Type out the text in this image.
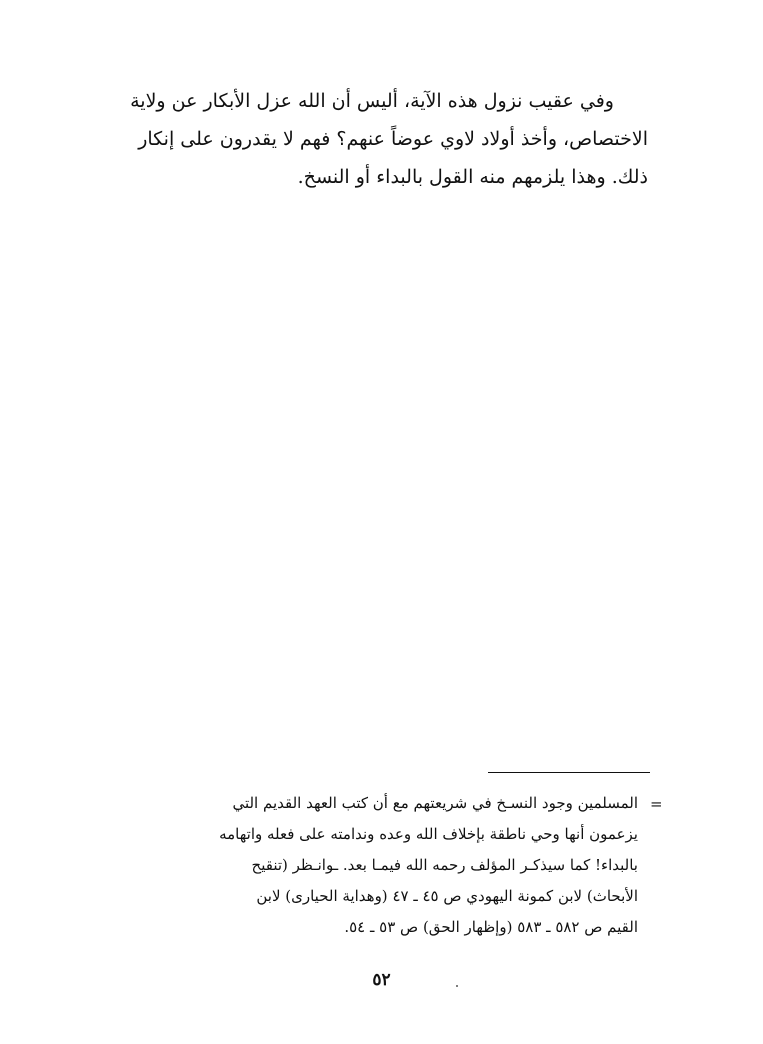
وفي عقيب نزول هذه الآية، أليس أن الله عزل الأبكار عن ولاية
الاختصاص، وأخذ أولاد لاوي عوضاً عنهم؟ فهم لا يقدرون على إنكار
ذلك. وهذا يلزمهم منه القول بالبداء أو النسخ.
=
المسلمين وجود النسـخ في شريعتهم مع أن كتب العهد القديم التي
يزعمون أنها وحي ناطقة بإخلاف الله وعده وندامته على فعله واتهامه
بالبداء! كما سيذكـر المؤلف رحمه الله فيمـا بعد. ـوانـظر (تنقيح
الأبحاث) لابن كمونة اليهودي ص ٤٥ ـ ٤٧ (وهداية الحيارى) لابن
القيم ص ٥٨٢ ـ ٥٨٣ (وإظهار الحق) ص ٥٣ ـ ٥٤.
٥٢
